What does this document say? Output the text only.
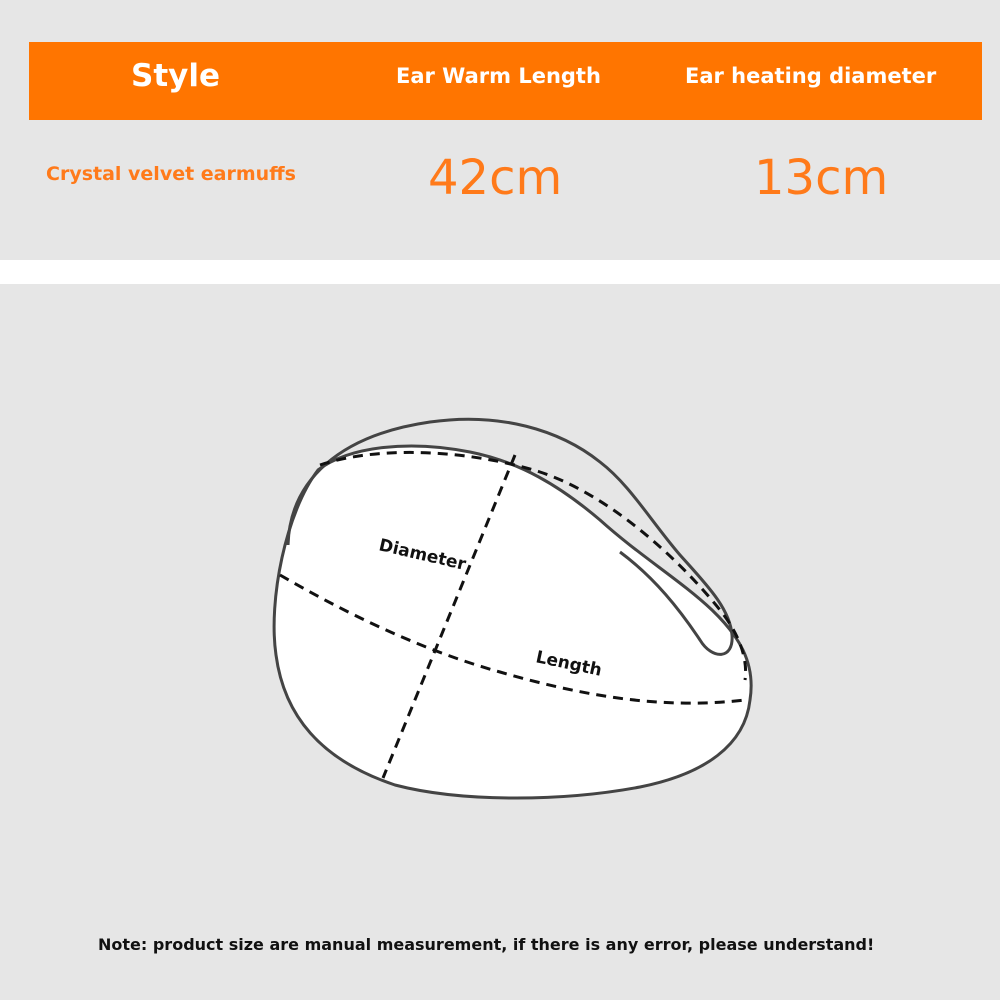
Style	Ear Warm Length	Ear heating diameter
Crystal velvet earmuffs	42cm	13cm
Diameter
Length
Note: product size are manual measurement, if there is any error, please understand!
